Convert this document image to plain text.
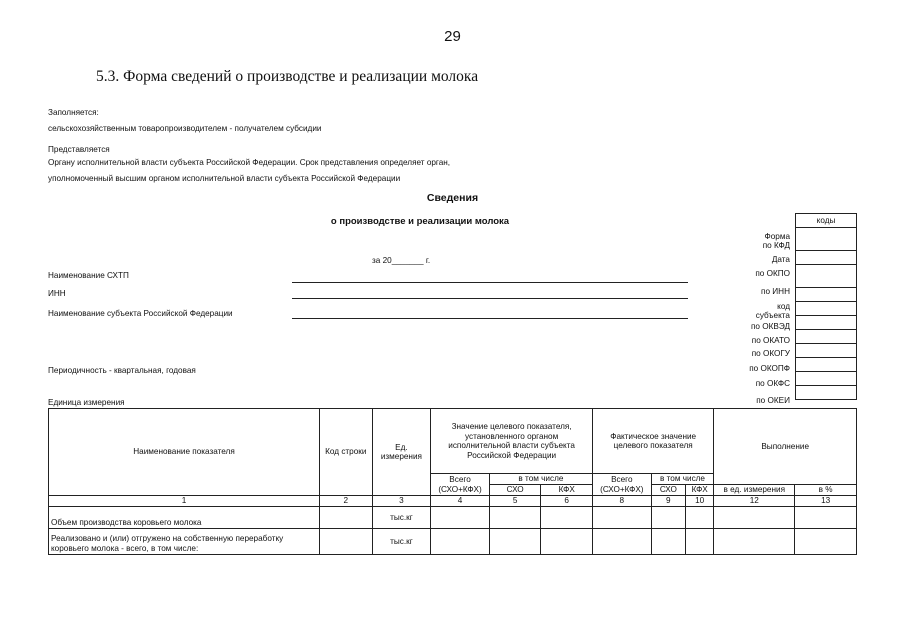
29
5.3. Форма сведений о производстве и реализации молока
Заполняется:
сельскохозяйственным товаропроизводителем - получателем субсидии
Представляется
Органу исполнительной власти субъекта Российской Федерации. Срок представления определяет орган,
уполномоченный высшим органом исполнительной власти субъекта Российской Федерации
Сведения
о производстве и реализации молока
за 20_______ г.
Наименование СХТП
ИНН
Наименование субъекта Российской Федерации
Периодичность - квартальная, годовая
Единица измерения
Форма
по КФД
Дата
по ОКПО
по ИНН
код
субъекта
по ОКВЭД
по ОКАТО
по ОКОГУ
по ОКОПФ
по ОКФС
по ОКЕИ
коды

Наименование показателя	Код строки	Ед. измерения	Значение целевого показателя, установленного органом исполнительной власти субъекта Российской Федерации			Фактическое значение целевого показателя			Выполнение	
			Всего (СХО+КФХ)	в том числе		Всего (СХО+КФХ)	в том числе			
				СХО	КФХ		СХО	КФХ	в ед. измерения	в %
1	2	3	4	5	6	8	9	10	12	13
Объем производства коровьего молока		тыс.кг								
Реализовано и (или) отгружено на собственную переработку коровьего молока - всего, в том числе:		тыс.кг								
